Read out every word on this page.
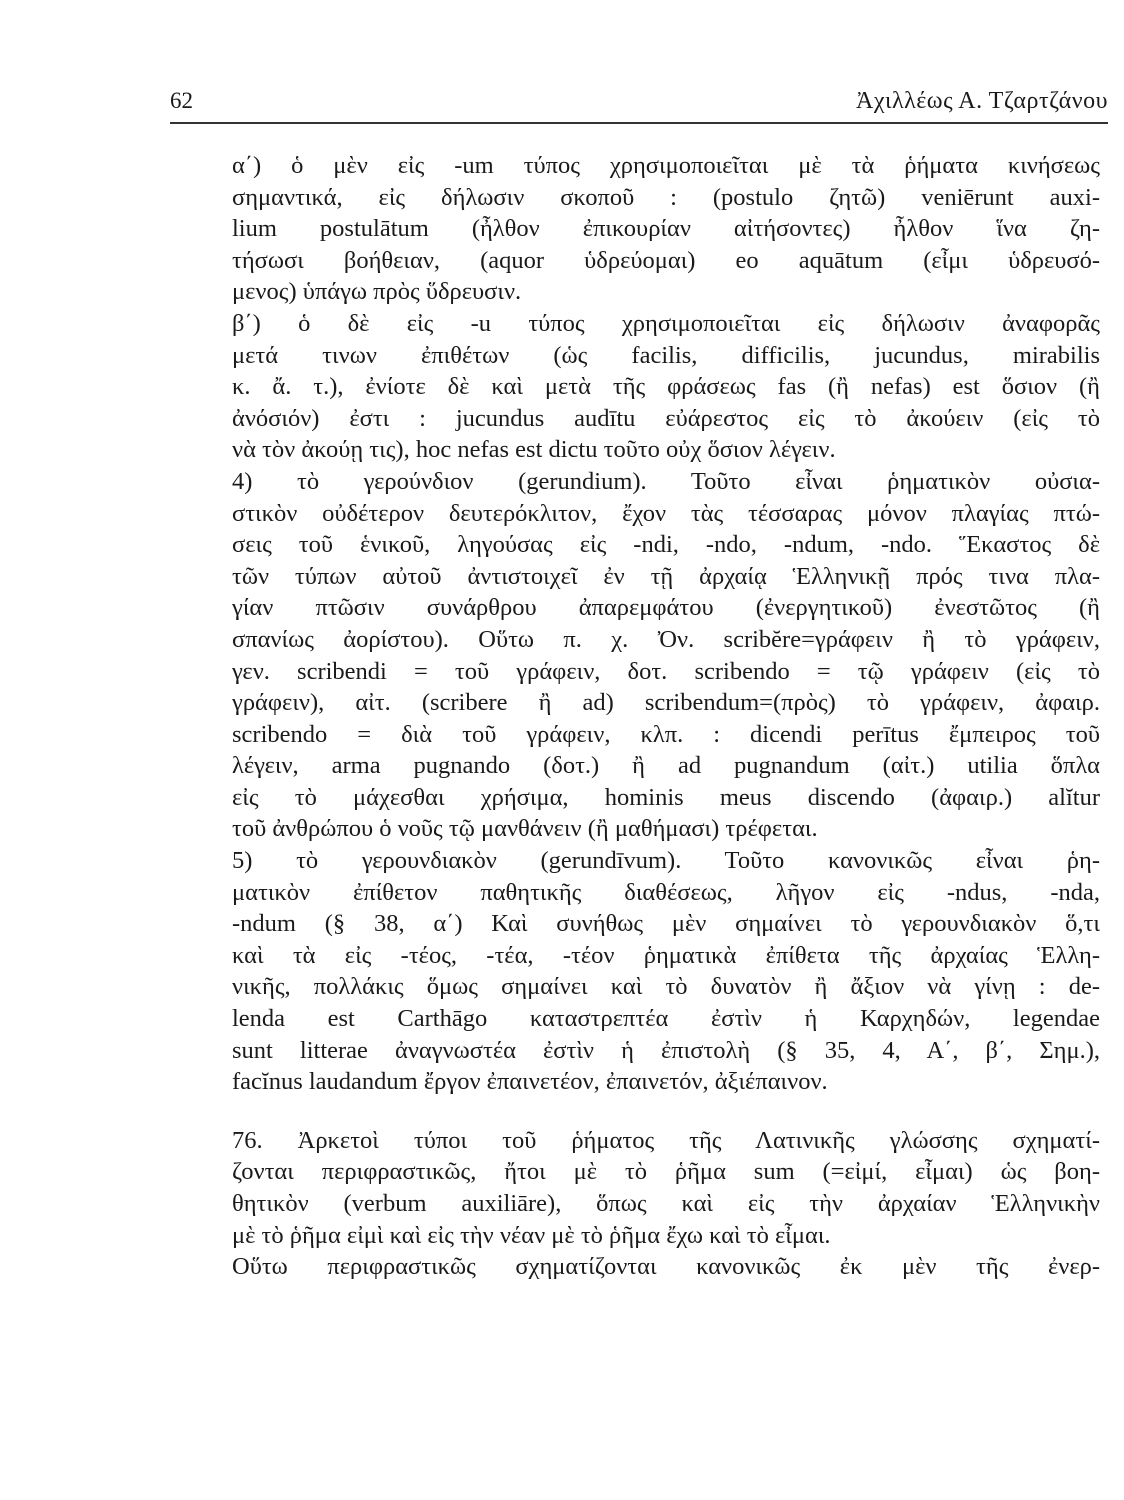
62	Ἀχιλλέως Α. Τζαρτζάνου

α΄) ὁ μὲν εἰς -um τύπος χρησιμοποιεῖται μὲ τὰ ῥήματα κινήσεως
σημαντικά, εἰς δήλωσιν σκοποῦ : (postulo ζητῶ) veniērunt auxi-
lium postulātum (ἦλθον ἐπικουρίαν αἰτήσοντες) ἦλθον ἵνα ζη-
τήσωσι βοήθειαν, (aquor ὑδρεύομαι) eo aquātum (εἶμι ὑδρευσό-
μενος) ὑπάγω πρὸς ὕδρευσιν.

β΄) ὁ δὲ εἰς -u τύπος χρησιμοποιεῖται εἰς δήλωσιν ἀναφορᾶς
μετά τινων ἐπιθέτων (ὡς facilis, difficilis, jucundus, mirabilis
κ. ἄ. τ.), ἐνίοτε δὲ καὶ μετὰ τῆς φράσεως fas (ἢ nefas) est ὅσιον (ἢ
ἀνόσιόν) ἐστι : jucundus audītu εὐάρεστος εἰς τὸ ἀκούειν (εἰς τὸ
νὰ τὸν ἀκούῃ τις), hoc nefas est dictu τοῦτο οὐχ ὅσιον λέγειν.

4) τὸ γερούνδιον (gerundium). Τοῦτο εἶναι ῥηματικὸν οὐσια-
στικὸν οὐδέτερον δευτερόκλιτον, ἔχον τὰς τέσσαρας μόνον πλαγίας πτώ-
σεις τοῦ ἑνικοῦ, ληγούσας εἰς -ndi, -ndo, -ndum, -ndo. Ἕκαστος δὲ
τῶν τύπων αὐτοῦ ἀντιστοιχεῖ ἐν τῇ ἀρχαίᾳ Ἑλληνικῇ πρός τινα πλα-
γίαν πτῶσιν συνάρθρου ἀπαρεμφάτου (ἐνεργητικοῦ) ἐνεστῶτος (ἢ
σπανίως ἀορίστου). Οὕτω π. χ. Ὀν. scribĕre=γράφειν ἢ τὸ γράφειν,
γεν. scribendi = τοῦ γράφειν, δοτ. scribendo = τῷ γράφειν (εἰς τὸ
γράφειν), αἰτ. (scribere ἢ ad) scribendum=(πρὸς) τὸ γράφειν, ἀφαιρ.
scribendo = διὰ τοῦ γράφειν, κλπ. : dicendi perītus ἔμπειρος τοῦ
λέγειν, arma pugnando (δοτ.) ἢ ad pugnandum (αἰτ.) utilia ὅπλα
εἰς τὸ μάχεσθαι χρήσιμα, hominis meus discendo (ἀφαιρ.) alĭtur
τοῦ ἀνθρώπου ὁ νοῦς τῷ μανθάνειν (ἢ μαθήμασι) τρέφεται.

5) τὸ γερουνδιακὸν (gerundīvum). Τοῦτο κανονικῶς εἶναι ῥη-
ματικὸν ἐπίθετον παθητικῆς διαθέσεως, λῆγον εἰς -ndus, -nda,
-ndum (§ 38, α΄) Καὶ συνήθως μὲν σημαίνει τὸ γερουνδιακὸν ὅ,τι
καὶ τὰ εἰς -τέος, -τέα, -τέον ῥηματικὰ ἐπίθετα τῆς ἀρχαίας Ἑλλη-
νικῆς, πολλάκις ὅμως σημαίνει καὶ τὸ δυνατὸν ἢ ἄξιον νὰ γίνῃ : de-
lenda est Carthāgo καταστρεπτέα ἐστὶν ἡ Καρχηδών, legendae
sunt litterae ἀναγνωστέα ἐστὶν ἡ ἐπιστολὴ (§ 35, 4, Α΄, β΄, Σημ.),
facĭnus laudandum ἔργον ἐπαινετέον, ἐπαινετόν, ἀξιέπαινον.

76. Ἀρκετοὶ τύποι τοῦ ῥήματος τῆς Λατινικῆς γλώσσης σχηματί-
ζονται περιφραστικῶς, ἤτοι μὲ τὸ ῥῆμα sum (=εἰμί, εἶμαι) ὡς βοη-
θητικὸν (verbum auxiliāre), ὅπως καὶ εἰς τὴν ἀρχαίαν Ἑλληνικὴν
μὲ τὸ ῥῆμα εἰμὶ καὶ εἰς τὴν νέαν μὲ τὸ ῥῆμα ἔχω καὶ τὸ εἶμαι.

Οὕτω περιφραστικῶς σχηματίζονται κανονικῶς ἐκ μὲν τῆς ἐνερ-
